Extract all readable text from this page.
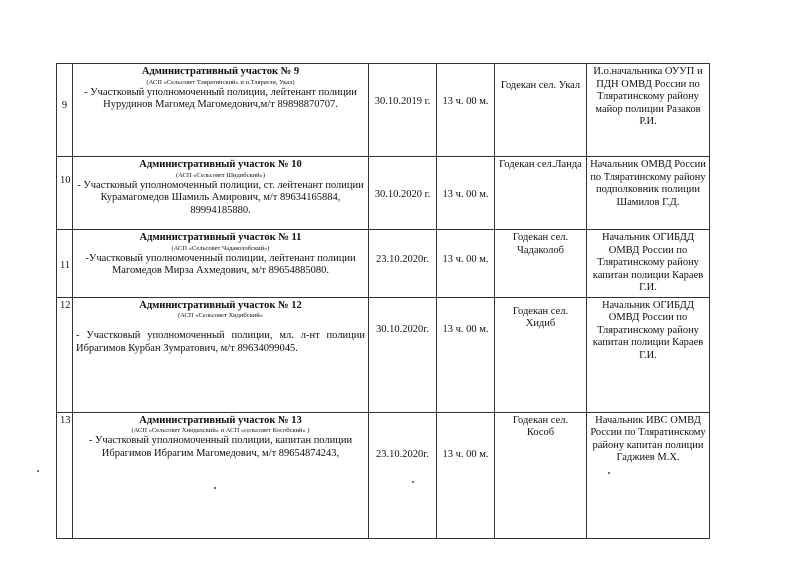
9	Административный участок № 9
(АСП «Сельсовет Тляратинский» и п.Тляратли, Укал)
- Участковый уполномоченный полиции, лейтенант полиции Нурудинов Магомед Магомедович,м/т 89898870707.	30.10.2019 г.	13 ч. 00 м.	Годекан сел. Укал	И.о.начальника ОУУП и ПДН ОМВД России по Тляратинскому району майор полиции Разаков Р.И.

10	Административный участок № 10
(АСП «Сельсовет Шидибский»)
- Участковый уполномоченный полиции, ст. лейтенант полиции Курамагомедов Шамиль Амирович, м/т 89634165884, 89994185880.	30.10.2020 г.	13 ч. 00 м.	Годекан сел.Ланда	Начальник ОМВД России по Тляратинскому району подполковник полиции Шамилов Г.Д.

11	Административный участок № 11
(АСП «Сельсовет Чадаколобский»)
-Участковый уполномоченный полиции, лейтенант полиции Магомедов Мирза Ахмедович, м/т 89654885080.	23.10.2020г.	13 ч. 00 м.	Годекан сел. Чадаколоб	Начальник ОГИБДД ОМВД России по Тляратинскому району капитан полиции Караев Г.И.

12	Административный участок № 12
(АСП «Сельсовет Хидибский»
- Участковый уполномоченный полиции, мл. л-нт полиции Ибрагимов Курбан Зумратович, м/т 89634099045.	30.10.2020г.	13 ч. 00 м.	Годекан сел. Хидиб	Начальник ОГИБДД ОМВД России по Тляратинскому району капитан полиции Караев Г.И.

13	Административный участок № 13
(АСП «Сельсовет Хиндахский» и АСП «сельсовет Кособский» )
- Участковый уполномоченный полиции, капитан полиции Ибрагимов Ибрагим Магомедович, м/т 89654874243,	23.10.2020г.	13 ч. 00 м.	Годекан сел. Кособ	Начальник ИВС ОМВД России по Тляратинскому району капитан полиции Гаджиев М.Х.
